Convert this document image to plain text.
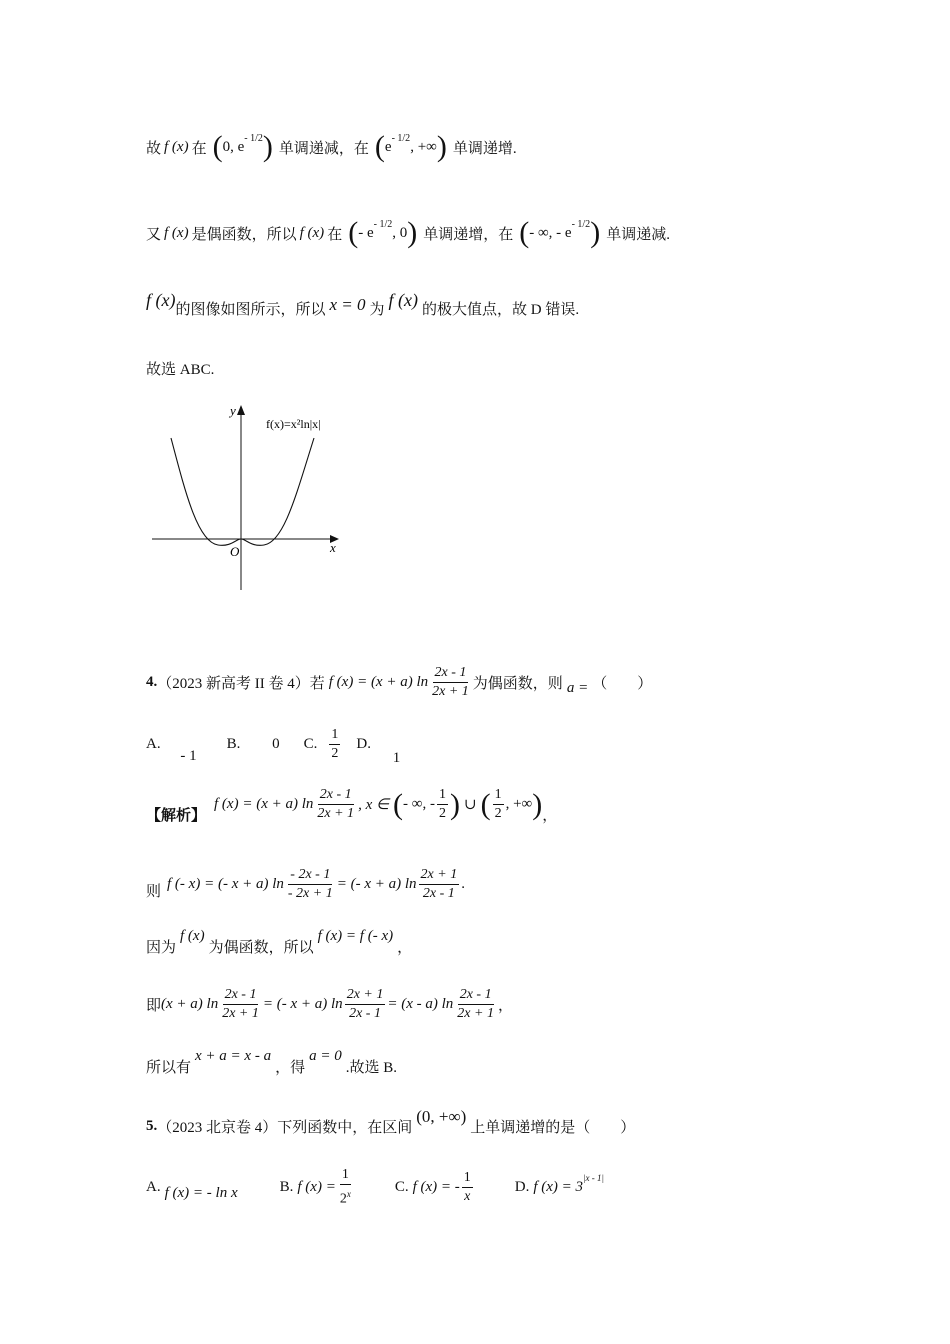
故 f (x) 在 ( 0, e
- 1/2 ) 单调递减，在 ( e
- 1/2
, +∞ ) 单调递增.
又 f (x) 是偶函数，所以 f (x) 在 ( - e
- 1/2
, 0 ) 单调递增，在 ( - ∞, - e
- 1/2 ) 单调递减.
f (x) 的图像如图所示，所以 x = 0 为 f (x) 的极大值点，故 D 错误.
故选 ABC.
y
x
O
f(x)=x²ln|x|
4. （2023 新高考 II 卷 4）若 f (x) = (x + a) $\ln \frac{2x - 1}{2x + 1}$ 为偶函数，则 a = （　　）
A. - 1
B. 0 C. $\frac{1}{2} D$. 1
【解析】
f (x) = (x + a) $\ln \frac{2x - 1}{2x + 1}$ , x ∈ ( - ∞, - $\frac{1}{2}$ ) ∪ ( $\frac{1}{2}$ , +∞ ) ，
则 f (- x) = (- x + a) $\ln \frac{- 2x - 1}{- 2x + 1}$ = (- x + a) $\ln \frac{2x + 1}{2x - 1}$ .
因为
f (x)
为偶函数，所以
f (x) = f (- x)
，
即 (x + a) $\ln \frac{2x - 1}{2x + 1}$ = (- x + a) $\ln \frac{2x + 1}{2x - 1} = (x - a)$ $\ln \frac{2x - 1}{2x + 1}$ ，
所以有
x + a = x - a
，得
a = 0
.故选 B.
5. （2023 北京卷 4）下列函数中，在区间
(0, +∞)
上单调递增的是（　　）
A. f (x) = - ln x	B. f $(x) = \frac{1}{2^x}$	C. f (x) = - $\frac{1}{x}$	D. f (x) = 3
|x - 1|
